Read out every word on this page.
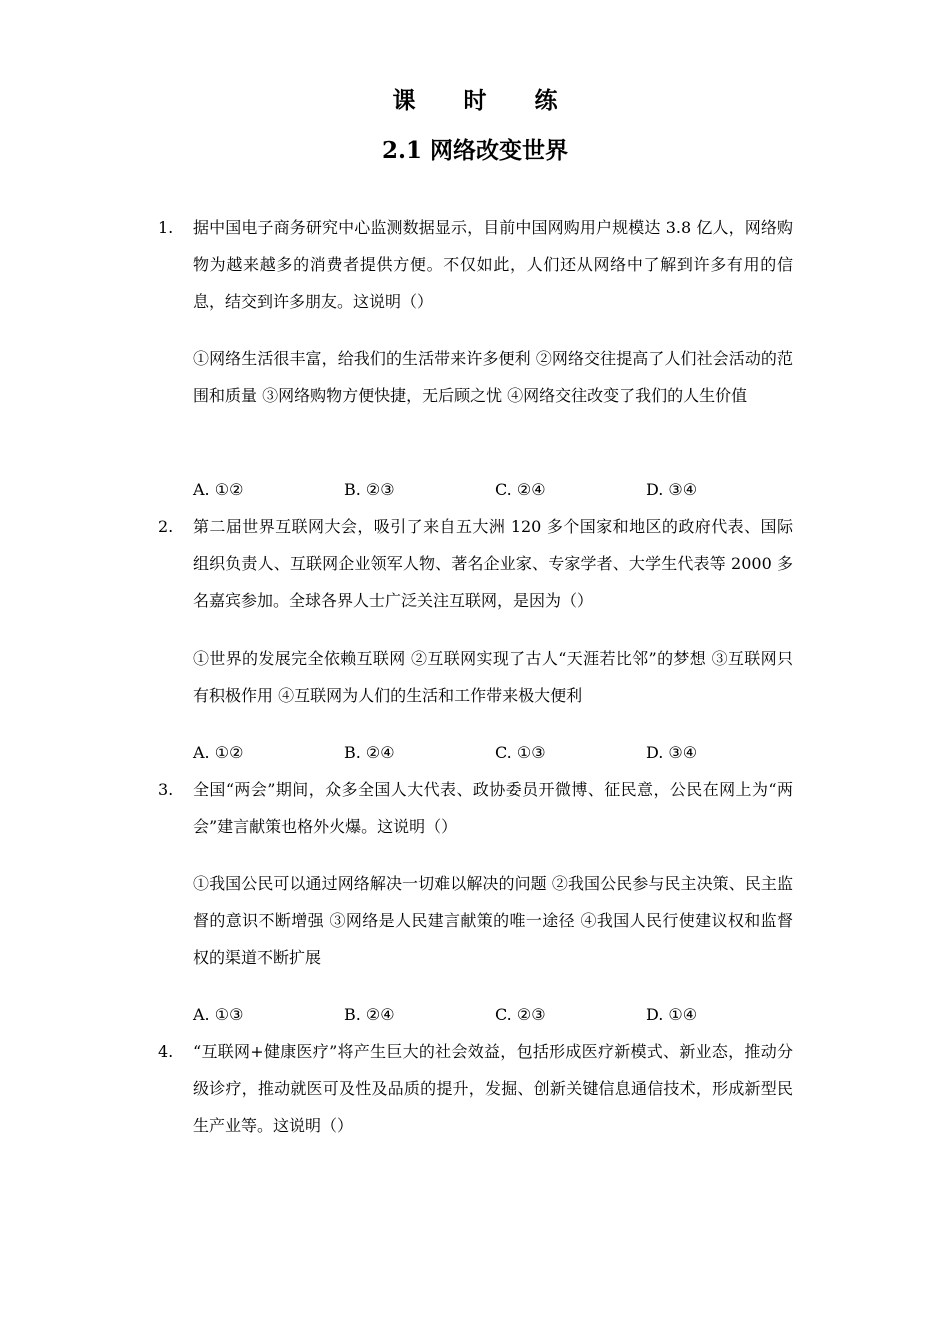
课 时 练
2.1 网络改变世界
1. 据中国电子商务研究中心监测数据显示，目前中国网购用户规模达 3.8 亿人，网络购物为越来越多的消费者提供方便。不仅如此，人们还从网络中了解到许多有用的信息，结交到许多朋友。这说明（）
①网络生活很丰富，给我们的生活带来许多便利 ②网络交往提高了人们社会活动的范围和质量 ③网络购物方便快捷，无后顾之忧 ④网络交往改变了我们的人生价值
A. ①②	B. ②③	C. ②④	D. ③④
2. 第二届世界互联网大会，吸引了来自五大洲 120 多个国家和地区的政府代表、国际组织负责人、互联网企业领军人物、著名企业家、专家学者、大学生代表等 2000 多名嘉宾参加。全球各界人士广泛关注互联网，是因为（）
①世界的发展完全依赖互联网 ②互联网实现了古人“天涯若比邻”的梦想 ③互联网只有积极作用 ④互联网为人们的生活和工作带来极大便利
A. ①②	B. ②④	C. ①③	D. ③④
3. 全国“两会”期间，众多全国人大代表、政协委员开微博、征民意，公民在网上为“两会”建言献策也格外火爆。这说明（）
①我国公民可以通过网络解决一切难以解决的问题 ②我国公民参与民主决策、民主监督的意识不断增强 ③网络是人民建言献策的唯一途径 ④我国人民行使建议权和监督权的渠道不断扩展
A. ①③	B. ②④	C. ②③	D. ①④
4. “互联网+健康医疗”将产生巨大的社会效益，包括形成医疗新模式、新业态，推动分级诊疗，推动就医可及性及品质的提升，发掘、创新关键信息通信技术，形成新型民生产业等。这说明（）
